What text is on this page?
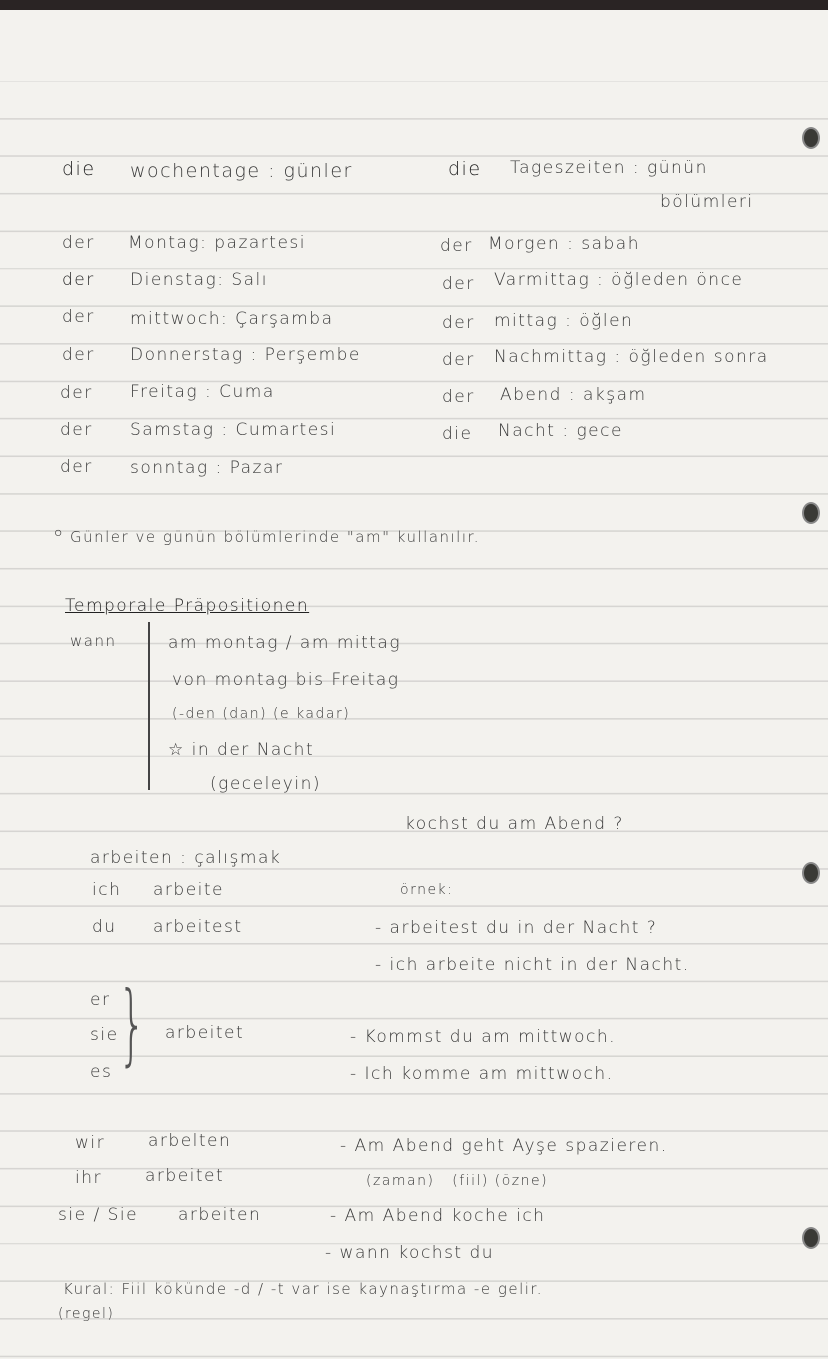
die wochentage : günler	die Tageszeiten : günün
bölümleri
der Montag: pazartesi
der Dienstag: Salı
der mittwoch: Çarşamba
der Donnerstag : Perşembe
der Freitag : Cuma
der Samstag : Cumartesi
der sonntag : Pazar
der Morgen : sabah
der Varmittag : öğleden önce
der mittag : öğlen
der Nachmittag : öğleden sonra
der Abend : akşam
die Nacht : gece
○ Günler ve günün bölümlerinde "am" kullanılır.
Temporale Präpositionen
wann	am montag / am mittag
von montag bis Freitag
(-den (dan) (e kadar)
☆ in der Nacht
(geceleyin)
kochst du am Abend ?
arbeiten : çalışmak
ich arbeite
du arbeitest
er
sie	arbeitet
es }
wir	arbelten
ihr	arbeitet
sie / Sie arbeiten
örnek:
- arbeitest du in der Nacht ?
- ich arbeite nicht in der Nacht.
- Kommst du am mittwoch.
- Ich komme am mittwoch.
- Am Abend geht Ayşe spazieren.
(zaman)   (fiil) (özne)
- Am Abend koche ich
- wann kochst du
Kural: Fiil kökünde -d / -t var ise kaynaştırma -e gelir.
(regel)
